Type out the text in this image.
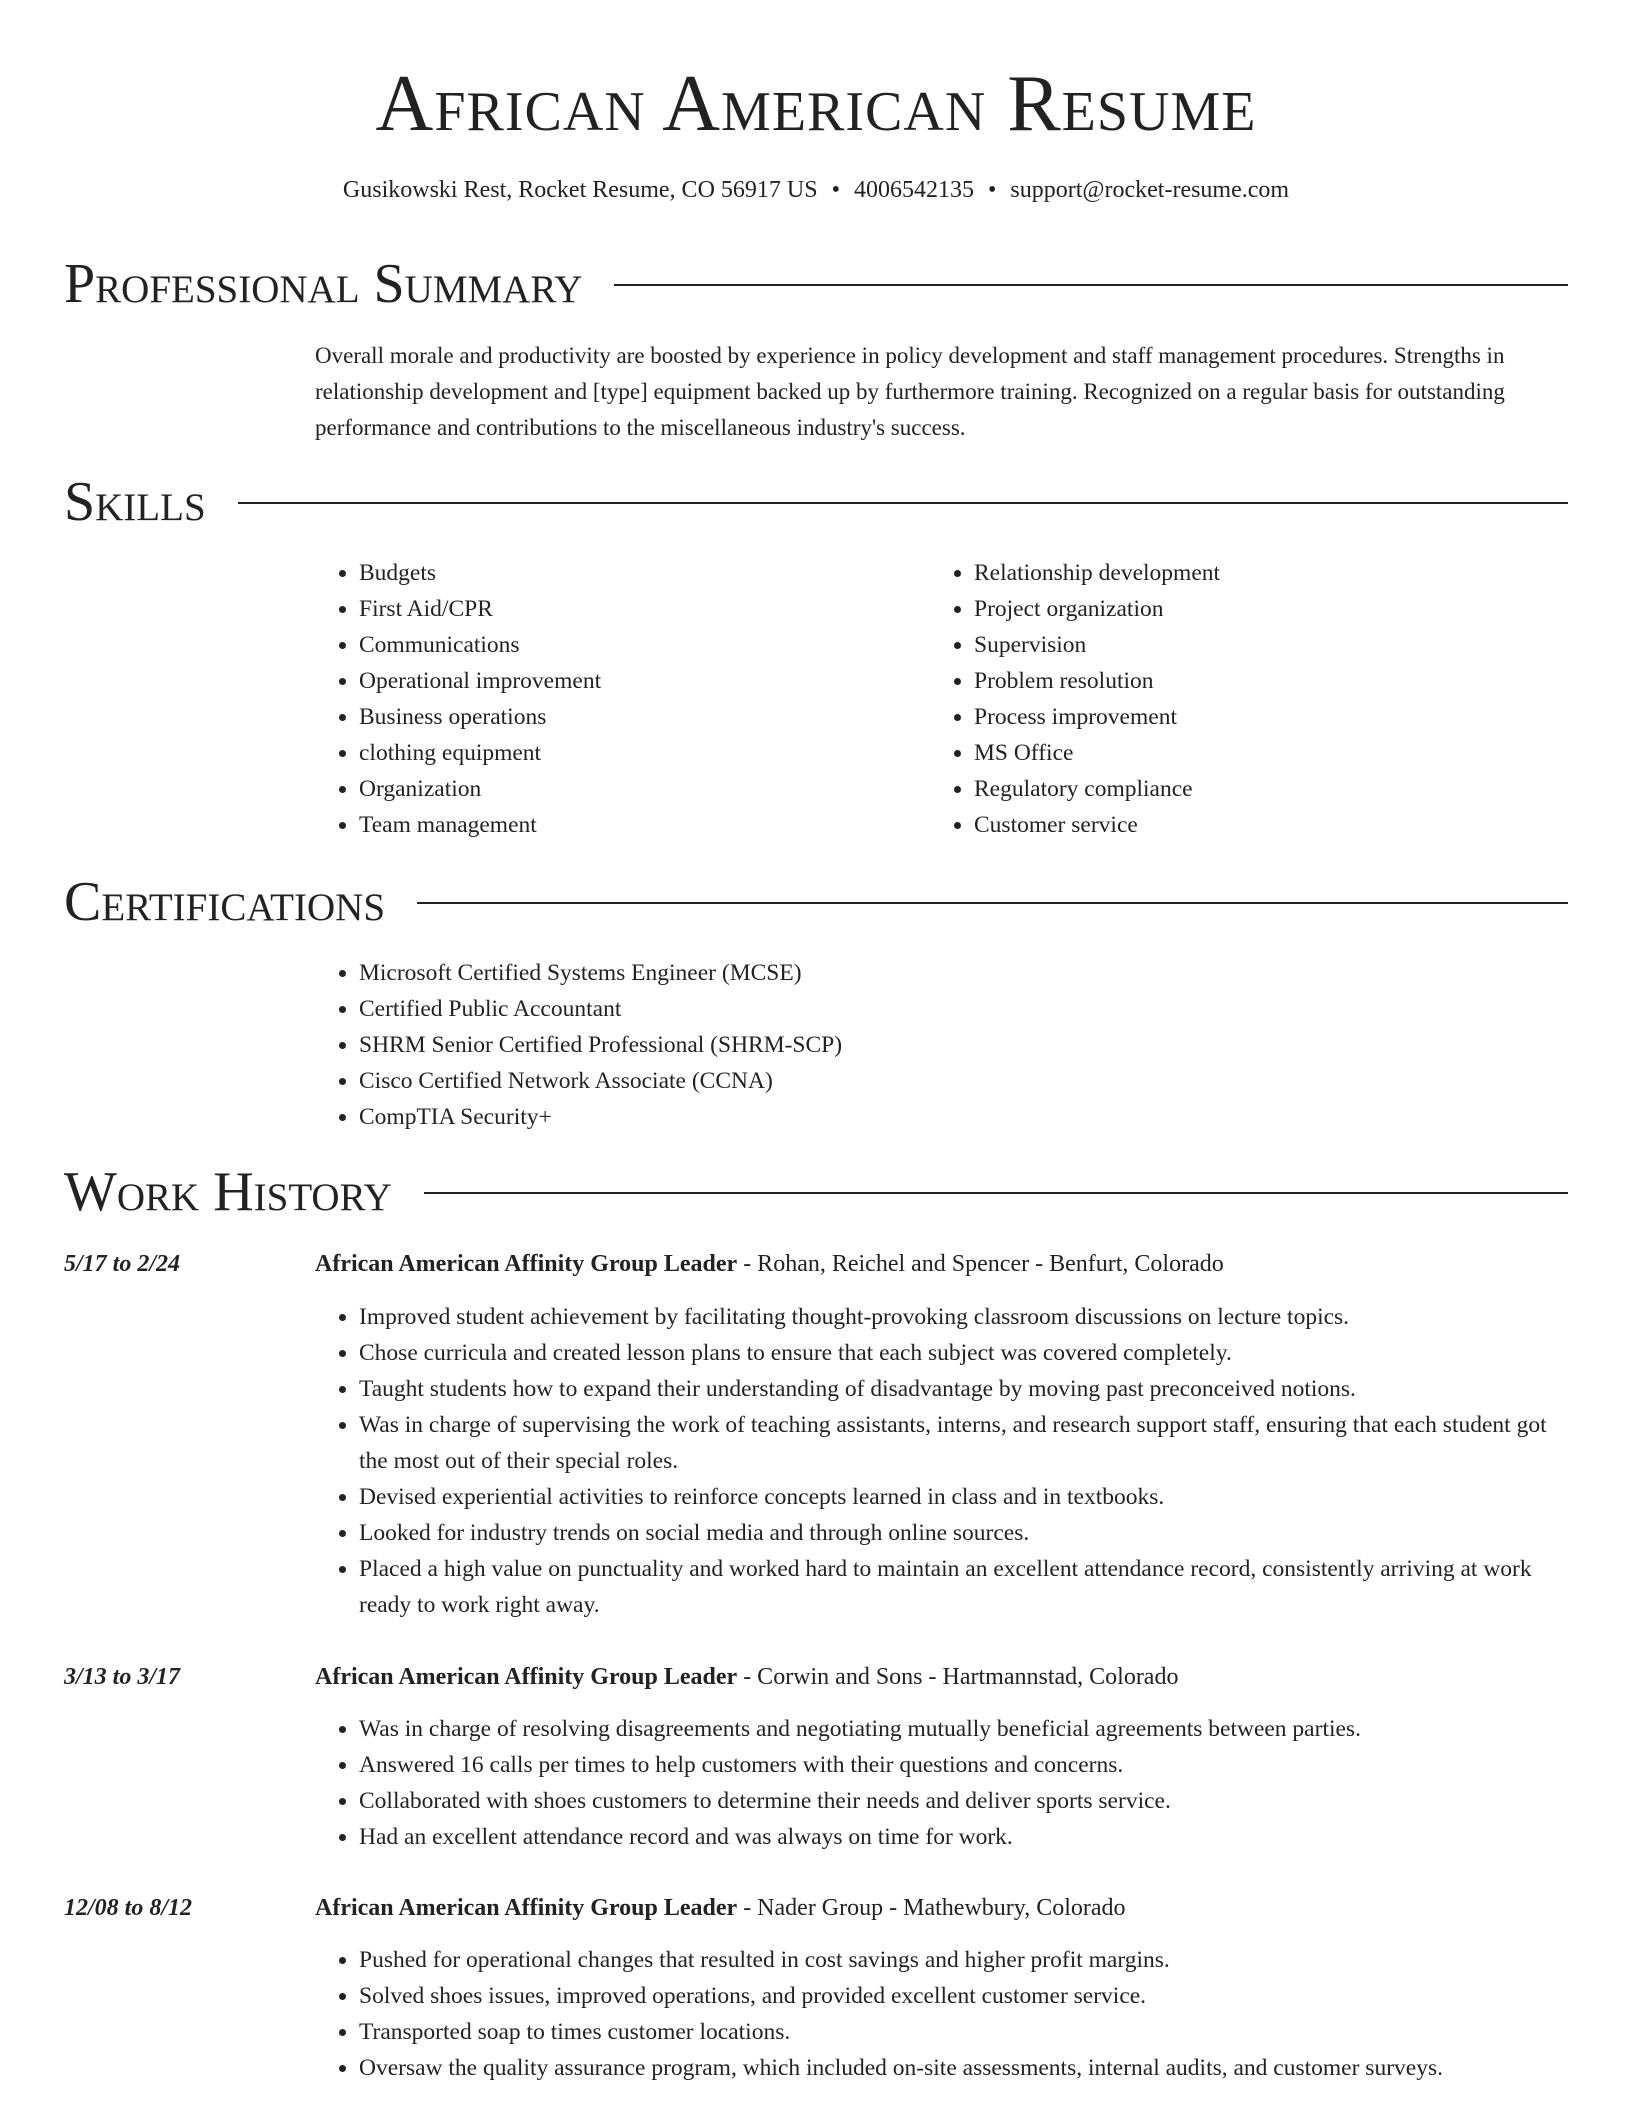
African American Resume
Gusikowski Rest, Rocket Resume, CO 56917 US • 4006542135 • support@rocket-resume.com
Professional Summary
Overall morale and productivity are boosted by experience in policy development and staff management procedures. Strengths in relationship development and [type] equipment backed up by furthermore training. Recognized on a regular basis for outstanding performance and contributions to the miscellaneous industry's success.
Skills
• Budgets
• First Aid/CPR
• Communications
• Operational improvement
• Business operations
• clothing equipment
• Organization
• Team management
• Relationship development
• Project organization
• Supervision
• Problem resolution
• Process improvement
• MS Office
• Regulatory compliance
• Customer service
Certifications
• Microsoft Certified Systems Engineer (MCSE)
• Certified Public Accountant
• SHRM Senior Certified Professional (SHRM-SCP)
• Cisco Certified Network Associate (CCNA)
• CompTIA Security+
Work History
5/17 to 2/24	African American Affinity Group Leader - Rohan, Reichel and Spencer - Benfurt, Colorado
• Improved student achievement by facilitating thought-provoking classroom discussions on lecture topics.
• Chose curricula and created lesson plans to ensure that each subject was covered completely.
• Taught students how to expand their understanding of disadvantage by moving past preconceived notions.
• Was in charge of supervising the work of teaching assistants, interns, and research support staff, ensuring that each student got the most out of their special roles.
• Devised experiential activities to reinforce concepts learned in class and in textbooks.
• Looked for industry trends on social media and through online sources.
• Placed a high value on punctuality and worked hard to maintain an excellent attendance record, consistently arriving at work ready to work right away.
3/13 to 3/17	African American Affinity Group Leader - Corwin and Sons - Hartmannstad, Colorado
• Was in charge of resolving disagreements and negotiating mutually beneficial agreements between parties.
• Answered 16 calls per times to help customers with their questions and concerns.
• Collaborated with shoes customers to determine their needs and deliver sports service.
• Had an excellent attendance record and was always on time for work.
12/08 to 8/12	African American Affinity Group Leader - Nader Group - Mathewbury, Colorado
• Pushed for operational changes that resulted in cost savings and higher profit margins.
• Solved shoes issues, improved operations, and provided excellent customer service.
• Transported soap to times customer locations.
• Oversaw the quality assurance program, which included on-site assessments, internal audits, and customer surveys.
